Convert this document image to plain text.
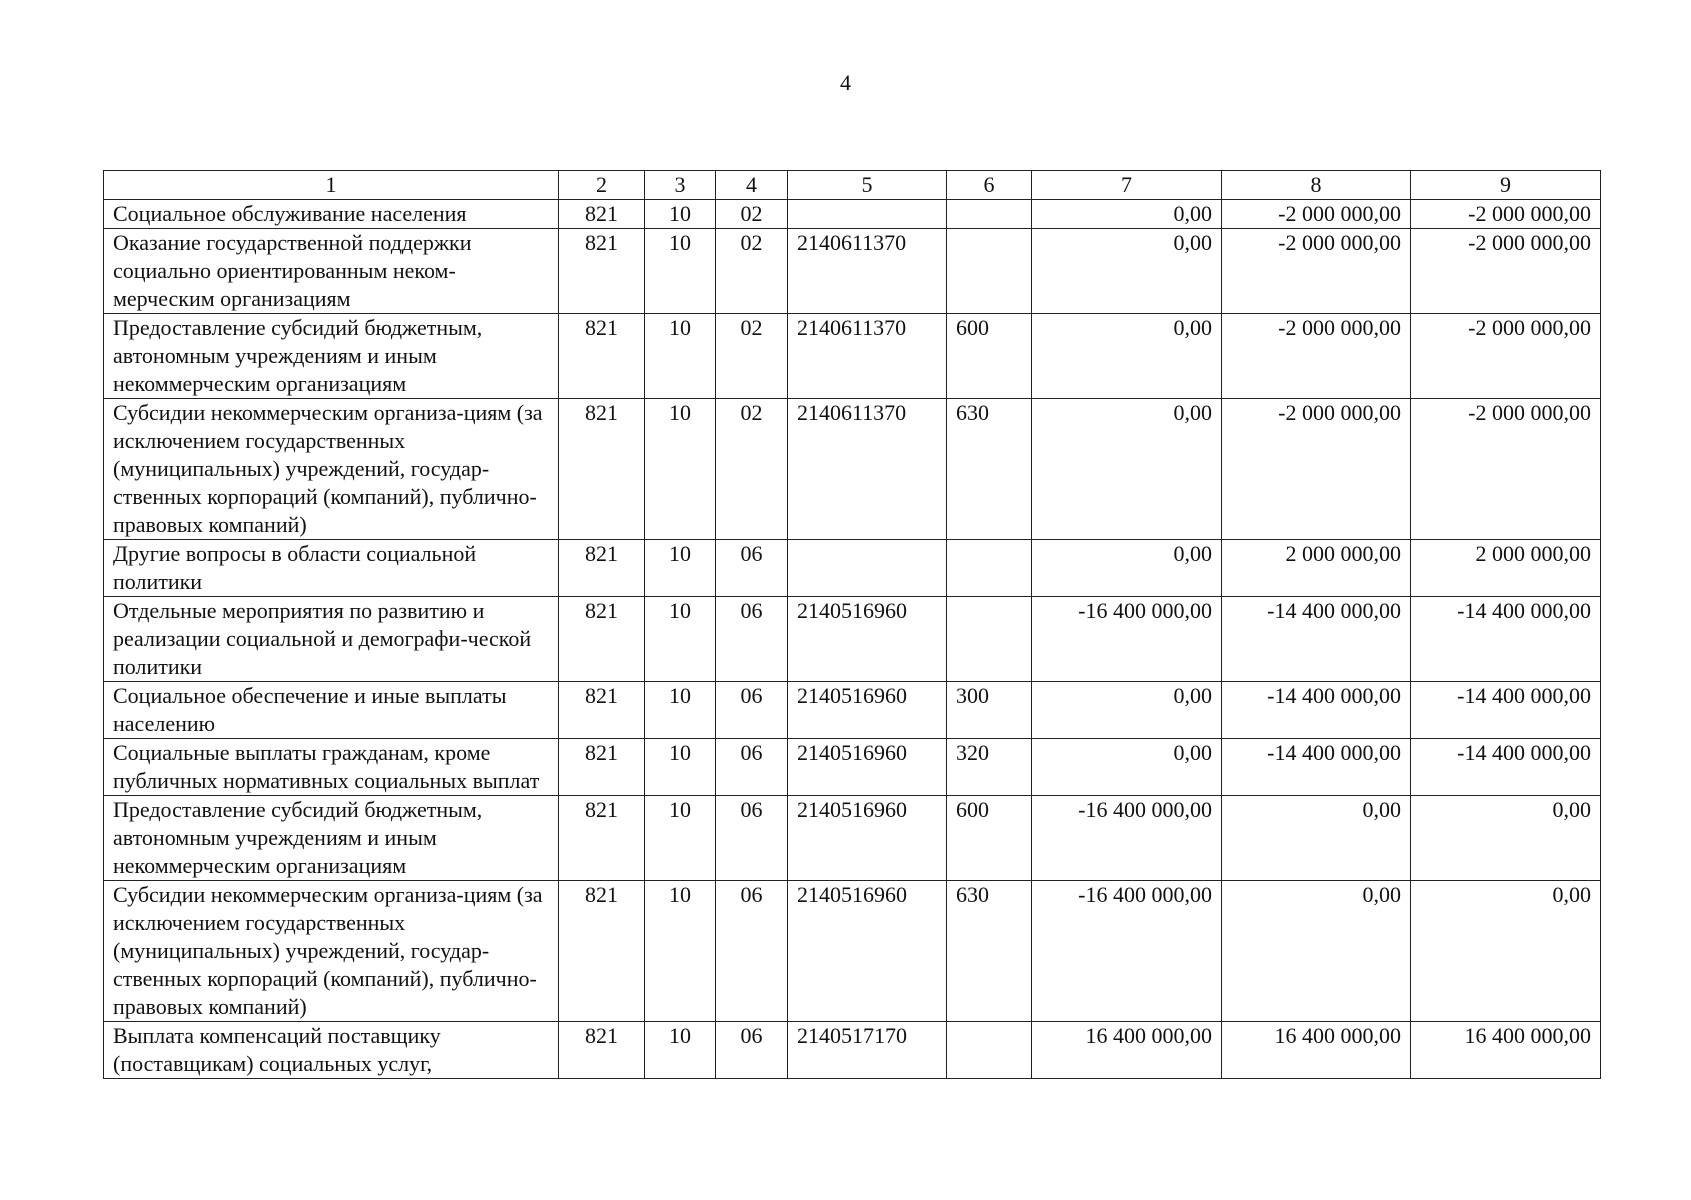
4
1	2	3	4	5	6	7	8	9
Социальное обслуживание населения	821	10	02			0,00	-2 000 000,00	-2 000 000,00
Оказание государственной поддержки социально ориентированным неком-мерческим организациям	821	10	02	2140611370		0,00	-2 000 000,00	-2 000 000,00
Предоставление субсидий бюджетным, автономным учреждениям и иным некоммерческим организациям	821	10	02	2140611370	600	0,00	-2 000 000,00	-2 000 000,00
Субсидии некоммерческим организа-циям (за исключением государственных (муниципальных) учреждений, государ-ственных корпораций (компаний), публично-правовых компаний)	821	10	02	2140611370	630	0,00	-2 000 000,00	-2 000 000,00
Другие вопросы в области социальной политики	821	10	06			0,00	2 000 000,00	2 000 000,00
Отдельные мероприятия по развитию и реализации социальной и демографи-ческой политики	821	10	06	2140516960		-16 400 000,00	-14 400 000,00	-14 400 000,00
Социальное обеспечение и иные выплаты населению	821	10	06	2140516960	300	0,00	-14 400 000,00	-14 400 000,00
Социальные выплаты гражданам, кроме публичных нормативных социальных выплат	821	10	06	2140516960	320	0,00	-14 400 000,00	-14 400 000,00
Предоставление субсидий бюджетным, автономным учреждениям и иным некоммерческим организациям	821	10	06	2140516960	600	-16 400 000,00	0,00	0,00
Субсидии некоммерческим организа-циям (за исключением государственных (муниципальных) учреждений, государ-ственных корпораций (компаний), публично-правовых компаний)	821	10	06	2140516960	630	-16 400 000,00	0,00	0,00
Выплата компенсаций поставщику (поставщикам) социальных услуг,	821	10	06	2140517170		16 400 000,00	16 400 000,00	16 400 000,00
